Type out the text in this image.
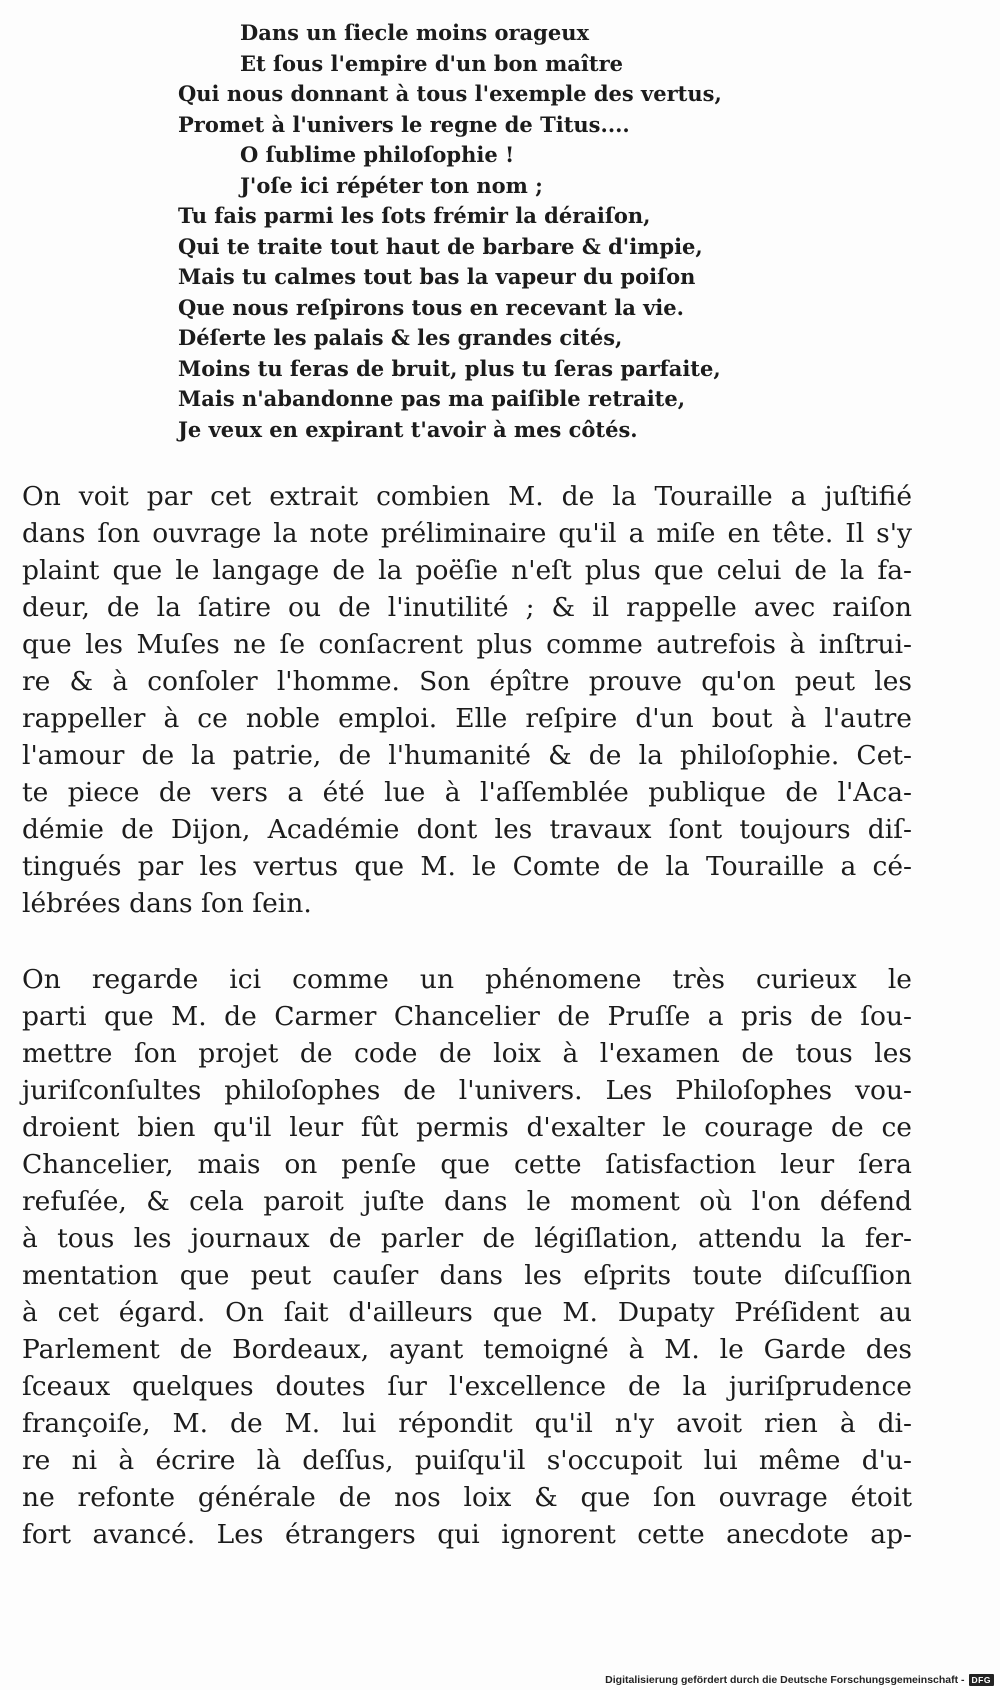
Dans un ſiecle moins orageux
Et ſous l'empire d'un bon maître
Qui nous donnant à tous l'exemple des vertus,
Promet à l'univers le regne de Titus....
O ſublime philoſophie !
J'oſe ici répéter ton nom ;
Tu fais parmi les ſots frémir la déraiſon,
Qui te traite tout haut de barbare & d'impie,
Mais tu calmes tout bas la vapeur du poiſon
Que nous reſpirons tous en recevant la vie.
Déſerte les palais & les grandes cités,
Moins tu feras de bruit, plus tu ſeras parfaite,
Mais n'abandonne pas ma paiſible retraite,
Je veux en expirant t'avoir à mes côtés.
On voit par cet extrait combien M. de la Touraille a juſtifié
dans ſon ouvrage la note préliminaire qu'il a miſe en tête. Il s'y
plaint que le langage de la poëſie n'eſt plus que celui de la fa-
deur, de la ſatire ou de l'inutilité ; & il rappelle avec raiſon
que les Muſes ne ſe conſacrent plus comme autrefois à inſtrui-
re & à conſoler l'homme. Son épître prouve qu'on peut les
rappeller à ce noble emploi. Elle reſpire d'un bout à l'autre
l'amour de la patrie, de l'humanité & de la philoſophie. Cet-
te piece de vers a été lue à l'aſſemblée publique de l'Aca-
démie de Dijon, Académie dont les travaux ſont toujours diſ-
tingués par les vertus que M. le Comte de la Touraille a cé-
lébrées dans ſon ſein.
On regarde ici comme un phénomene très curieux le
parti que M. de Carmer Chancelier de Pruſſe a pris de ſou-
mettre ſon projet de code de loix à l'examen de tous les
juriſconſultes philoſophes de l'univers. Les Philoſophes vou-
droient bien qu'il leur fût permis d'exalter le courage de ce
Chancelier, mais on penſe que cette ſatisfaction leur ſera
refuſée, & cela paroit juſte dans le moment où l'on défend
à tous les journaux de parler de légiſlation, attendu la fer-
mentation que peut cauſer dans les eſprits toute diſcuſſion
à cet égard. On ſait d'ailleurs que M. Dupaty Préſident au
Parlement de Bordeaux, ayant temoigné à M. le Garde des
ſceaux quelques doutes ſur l'excellence de la juriſprudence
françoiſe, M. de M. lui répondit qu'il n'y avoit rien à di-
re ni à écrire là deſſus, puiſqu'il s'occupoit lui même d'u-
ne refonte générale de nos loix & que ſon ouvrage étoit
fort avancé. Les étrangers qui ignorent cette anecdote ap-
Digitalisierung gefördert durch die Deutsche Forschungsgemeinschaft - DFG
